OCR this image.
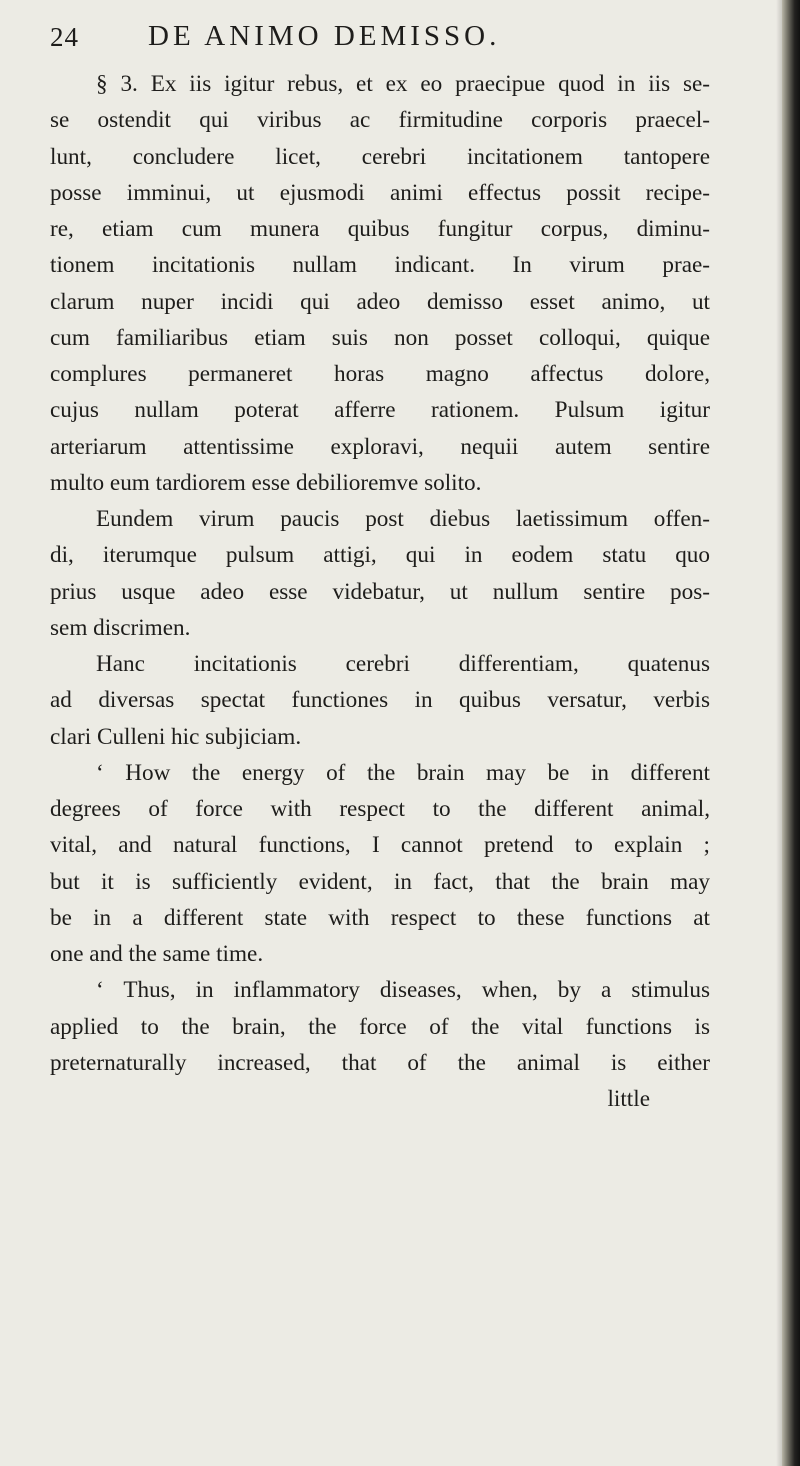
24 DE ANIMO DEMISSO.
§ 3. Ex iis igitur rebus, et ex eo praecipue quod in iis se-
se ostendit qui viribus ac firmitudine corporis praecel-
lunt, concludere licet, cerebri incitationem tantopere
posse imminui, ut ejusmodi animi effectus possit recipe-
re, etiam cum munera quibus fungitur corpus, diminu-
tionem incitationis nullam indicant. In virum prae-
clarum nuper incidi qui adeo demisso esset animo, ut
cum familiaribus etiam suis non posset colloqui, quique
complures permaneret horas magno affectus dolore,
cujus nullam poterat afferre rationem. Pulsum igitur
arteriarum attentissime exploravi, nequii autem sentire
multo eum tardiorem esse debilioremve solito.
Eundem virum paucis post diebus laetissimum offen-
di, iterumque pulsum attigi, qui in eodem statu quo
prius usque adeo esse videbatur, ut nullum sentire pos-
sem discrimen.
Hanc incitationis cerebri differentiam, quatenus
ad diversas spectat functiones in quibus versatur, verbis
clari Culleni hic subjiciam.
‘ How the energy of the brain may be in different
degrees of force with respect to the different animal,
vital, and natural functions, I cannot pretend to explain ;
but it is sufficiently evident, in fact, that the brain may
be in a different state with respect to these functions at
one and the same time.
‘ Thus, in inflammatory diseases, when, by a stimulus
applied to the brain, the force of the vital functions is
preternaturally increased, that of the animal is either
little
